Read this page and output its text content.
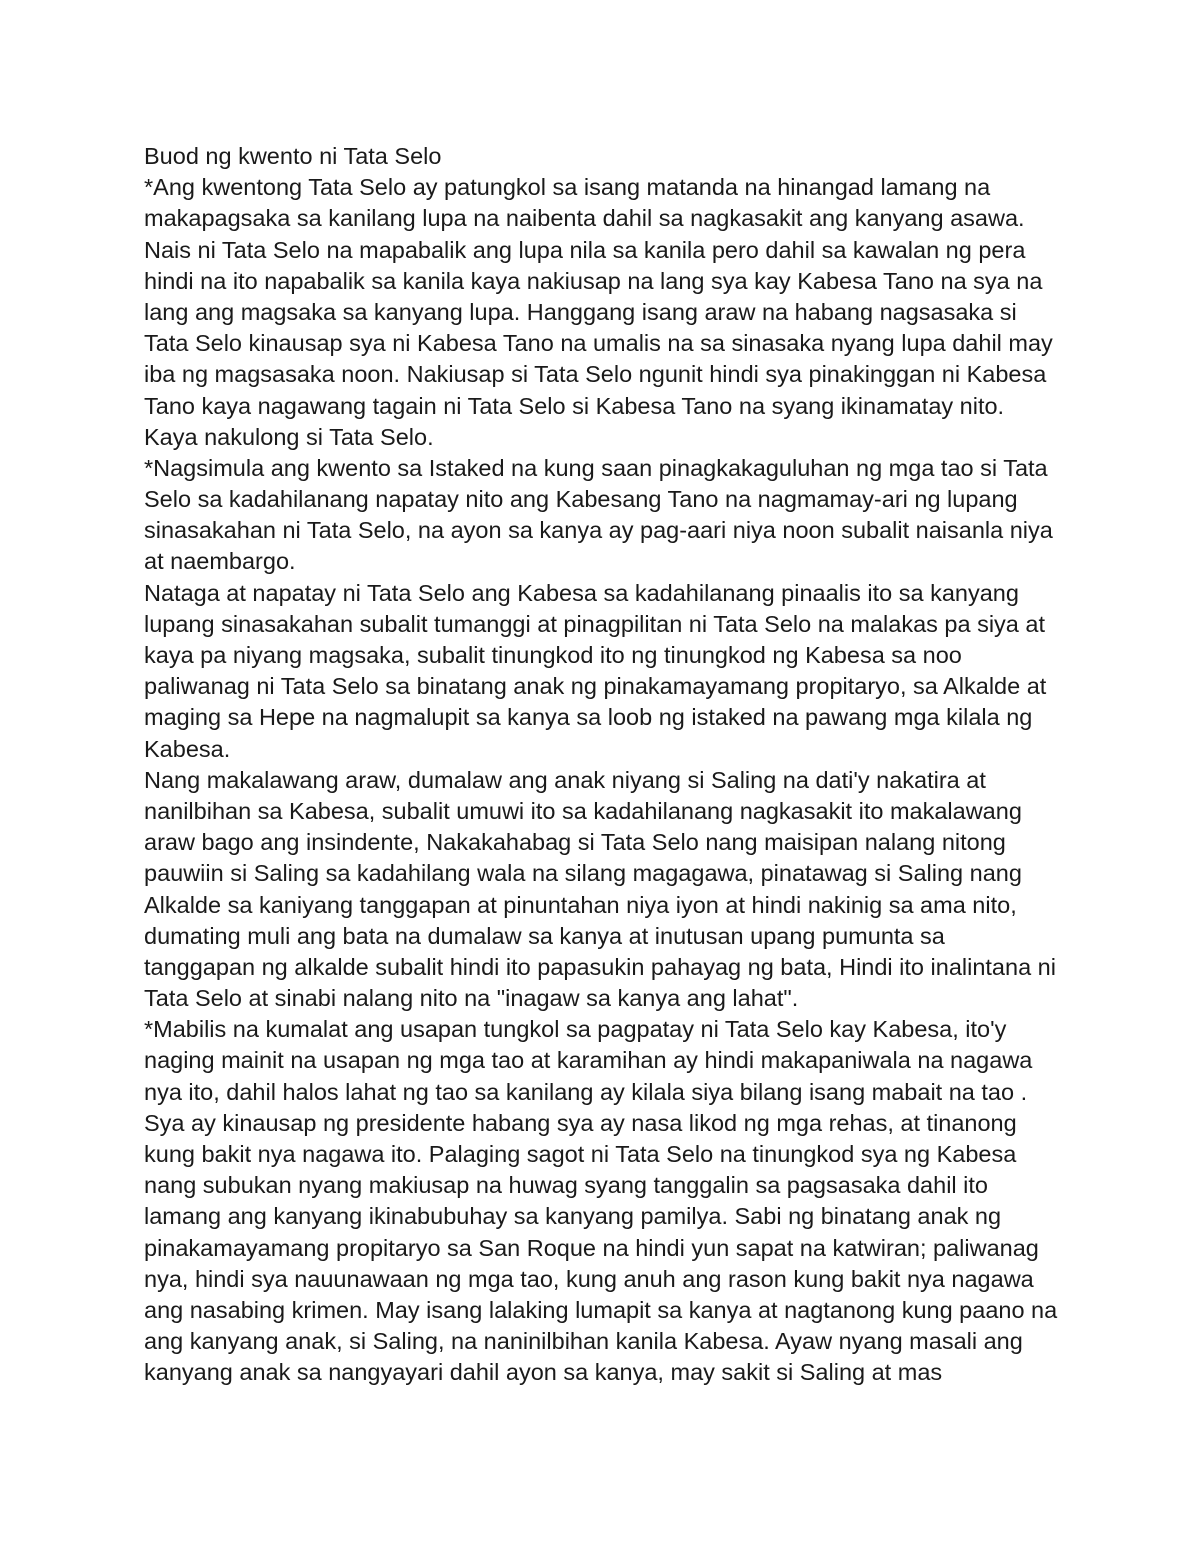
Buod ng kwento ni Tata Selo
*Ang kwentong Tata Selo ay patungkol sa isang matanda na hinangad lamang na
makapagsaka sa kanilang lupa na naibenta dahil sa nagkasakit ang kanyang asawa.
Nais ni Tata Selo na mapabalik ang lupa nila sa kanila pero dahil sa kawalan ng pera
hindi na ito napabalik sa kanila kaya nakiusap na lang sya kay Kabesa Tano na sya na
lang ang magsaka sa kanyang lupa. Hanggang isang araw na habang nagsasaka si
Tata Selo kinausap sya ni Kabesa Tano na umalis na sa sinasaka nyang lupa dahil may
iba ng magsasaka noon. Nakiusap si Tata Selo ngunit hindi sya pinakinggan ni Kabesa
Tano kaya nagawang tagain ni Tata Selo si Kabesa Tano na syang ikinamatay nito.
Kaya nakulong si Tata Selo.
*Nagsimula ang kwento sa Istaked na kung saan pinagkakaguluhan ng mga tao si Tata
Selo sa kadahilanang napatay nito ang Kabesang Tano na nagmamay-ari ng lupang
sinasakahan ni Tata Selo, na ayon sa kanya ay pag-aari niya noon subalit naisanla niya
at naembargo.
Nataga at napatay ni Tata Selo ang Kabesa sa kadahilanang pinaalis ito sa kanyang
lupang sinasakahan subalit tumanggi at pinagpilitan ni Tata Selo na malakas pa siya at
kaya pa niyang magsaka, subalit tinungkod ito ng tinungkod ng Kabesa sa noo
paliwanag ni Tata Selo sa binatang anak ng pinakamayamang propitaryo, sa Alkalde at
maging sa Hepe na nagmalupit sa kanya sa loob ng istaked na pawang mga kilala ng
Kabesa.
Nang makalawang araw, dumalaw ang anak niyang si Saling na dati'y nakatira at
nanilbihan sa Kabesa, subalit umuwi ito sa kadahilanang nagkasakit ito makalawang
araw bago ang insindente, Nakakahabag si Tata Selo nang maisipan nalang nitong
pauwiin si Saling sa kadahilang wala na silang magagawa, pinatawag si Saling nang
Alkalde sa kaniyang tanggapan at pinuntahan niya iyon at hindi nakinig sa ama nito,
dumating muli ang bata na dumalaw sa kanya at inutusan upang pumunta sa
tanggapan ng alkalde subalit hindi ito papasukin pahayag ng bata, Hindi ito inalintana ni
Tata Selo at sinabi nalang nito na "inagaw sa kanya ang lahat".
*Mabilis na kumalat ang usapan tungkol sa pagpatay ni Tata Selo kay Kabesa, ito'y
naging mainit na usapan ng mga tao at karamihan ay hindi makapaniwala na nagawa
nya ito, dahil halos lahat ng tao sa kanilang ay kilala siya bilang isang mabait na tao .
Sya ay kinausap ng presidente habang sya ay nasa likod ng mga rehas, at tinanong
kung bakit nya nagawa ito. Palaging sagot ni Tata Selo na tinungkod sya ng Kabesa
nang subukan nyang makiusap na huwag syang tanggalin sa pagsasaka dahil ito
lamang ang kanyang ikinabubuhay sa kanyang pamilya. Sabi ng binatang anak ng
pinakamayamang propitaryo sa San Roque na hindi yun sapat na katwiran; paliwanag
nya, hindi sya nauunawaan ng mga tao, kung anuh ang rason kung bakit nya nagawa
ang nasabing krimen. May isang lalaking lumapit sa kanya at nagtanong kung paano na
ang kanyang anak, si Saling, na naninilbihan kanila Kabesa. Ayaw nyang masali ang
kanyang anak sa nangyayari dahil ayon sa kanya, may sakit si Saling at mas
